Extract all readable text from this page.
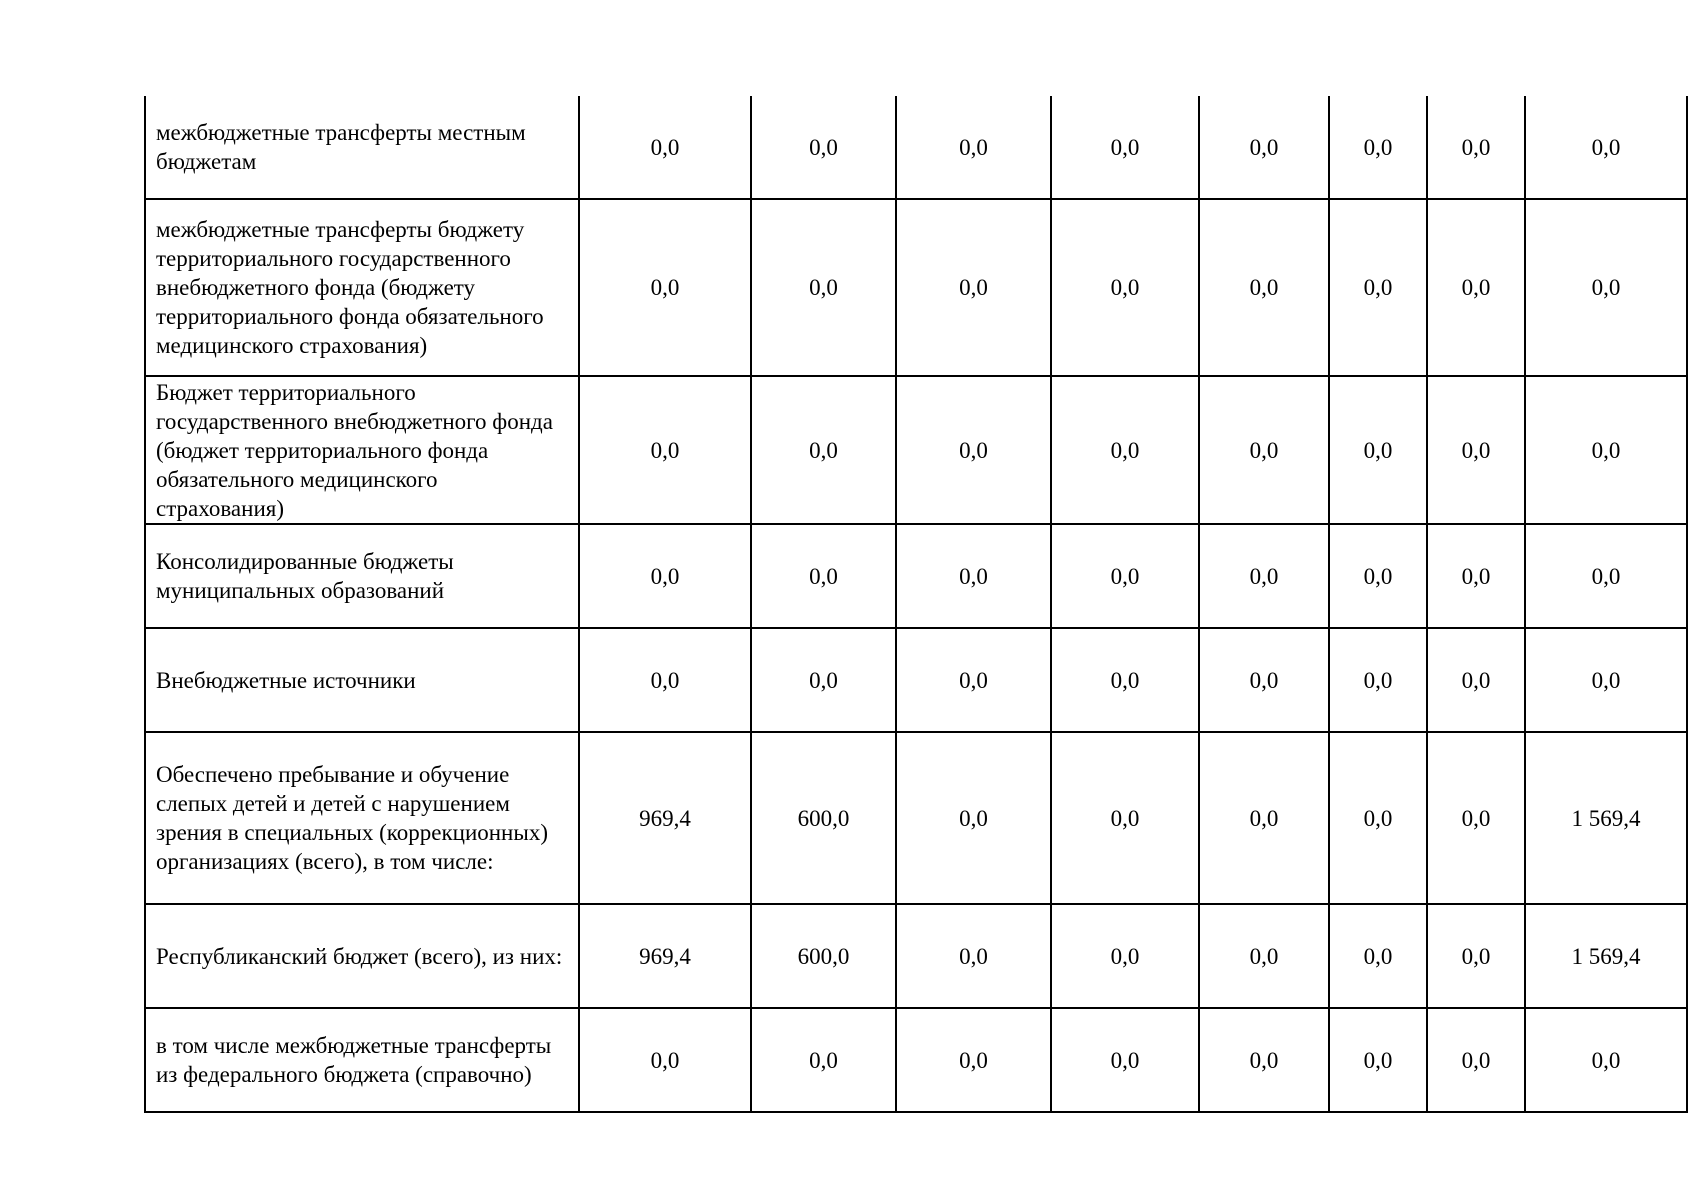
межбюджетные трансферты местным бюджетам	0,0	0,0	0,0	0,0	0,0	0,0	0,0	0,0
межбюджетные трансферты бюджету территориального государственного внебюджетного фонда (бюджету территориального фонда обязательного медицинского страхования)	0,0	0,0	0,0	0,0	0,0	0,0	0,0	0,0
Бюджет территориального государственного внебюджетного фонда (бюджет территориального фонда обязательного медицинского страхования)	0,0	0,0	0,0	0,0	0,0	0,0	0,0	0,0
Консолидированные бюджеты муниципальных образований	0,0	0,0	0,0	0,0	0,0	0,0	0,0	0,0
Внебюджетные источники	0,0	0,0	0,0	0,0	0,0	0,0	0,0	0,0
Обеспечено пребывание и обучение слепых детей и детей с нарушением зрения в специальных (коррекционных) организациях (всего), в том числе:	969,4	600,0	0,0	0,0	0,0	0,0	0,0	1 569,4
Республиканский бюджет (всего), из них:	969,4	600,0	0,0	0,0	0,0	0,0	0,0	1 569,4
в том числе межбюджетные трансферты из федерального бюджета (справочно)	0,0	0,0	0,0	0,0	0,0	0,0	0,0	0,0
